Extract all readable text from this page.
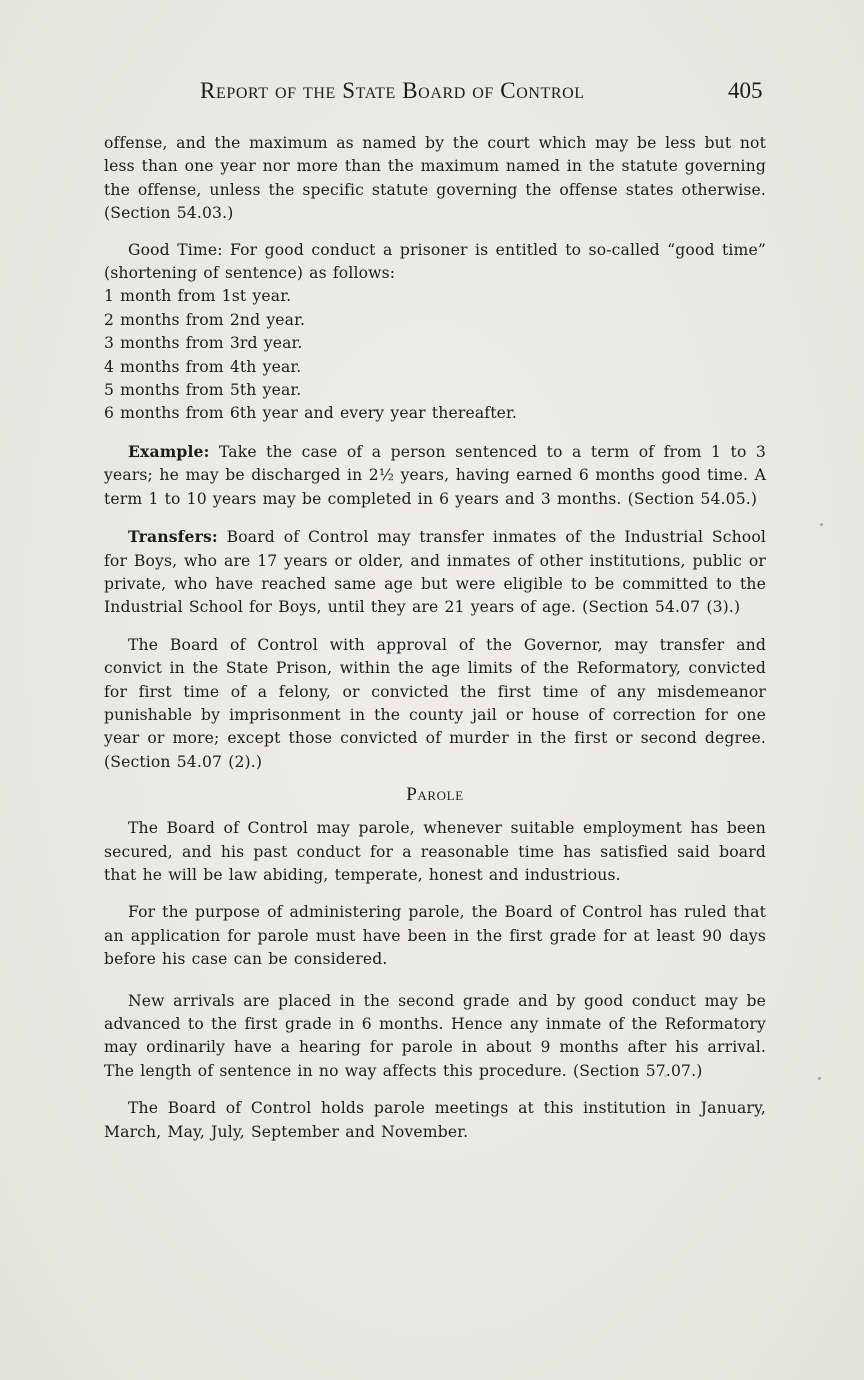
Report of the State Board of Control	405

offense, and the maximum as named by the court which may be less but not less than one year nor more than the maximum named in the statute governing the offense, unless the specific statute governing the offense states otherwise. (Section 54.03.)

Good Time: For good conduct a prisoner is entitled to so-called “good time” (shortening of sentence) as follows:

1 month from 1st year.
2 months from 2nd year.
3 months from 3rd year.
4 months from 4th year.
5 months from 5th year.
6 months from 6th year and every year thereafter.

Example: Take the case of a person sentenced to a term of from 1 to 3 years; he may be discharged in 2½ years, having earned 6 months good time. A term 1 to 10 years may be completed in 6 years and 3 months. (Section 54.05.)

Transfers: Board of Control may transfer inmates of the Industrial School for Boys, who are 17 years or older, and inmates of other institutions, public or private, who have reached same age but were eligible to be committed to the Industrial School for Boys, until they are 21 years of age. (Section 54.07 (3).)

The Board of Control with approval of the Governor, may transfer and convict in the State Prison, within the age limits of the Reformatory, convicted for first time of a felony, or convicted the first time of any misdemeanor punishable by imprisonment in the county jail or house of correction for one year or more; except those convicted of murder in the first or second degree. (Section 54.07 (2).)

Parole

The Board of Control may parole, whenever suitable employment has been secured, and his past conduct for a reasonable time has satisfied said board that he will be law abiding, temperate, honest and industrious.

For the purpose of administering parole, the Board of Control has ruled that an application for parole must have been in the first grade for at least 90 days before his case can be considered.

New arrivals are placed in the second grade and by good conduct may be advanced to the first grade in 6 months. Hence any inmate of the Reformatory may ordinarily have a hearing for parole in about 9 months after his arrival. The length of sentence in no way affects this procedure. (Section 57.07.)

The Board of Control holds parole meetings at this institution in January, March, May, July, September and November.
